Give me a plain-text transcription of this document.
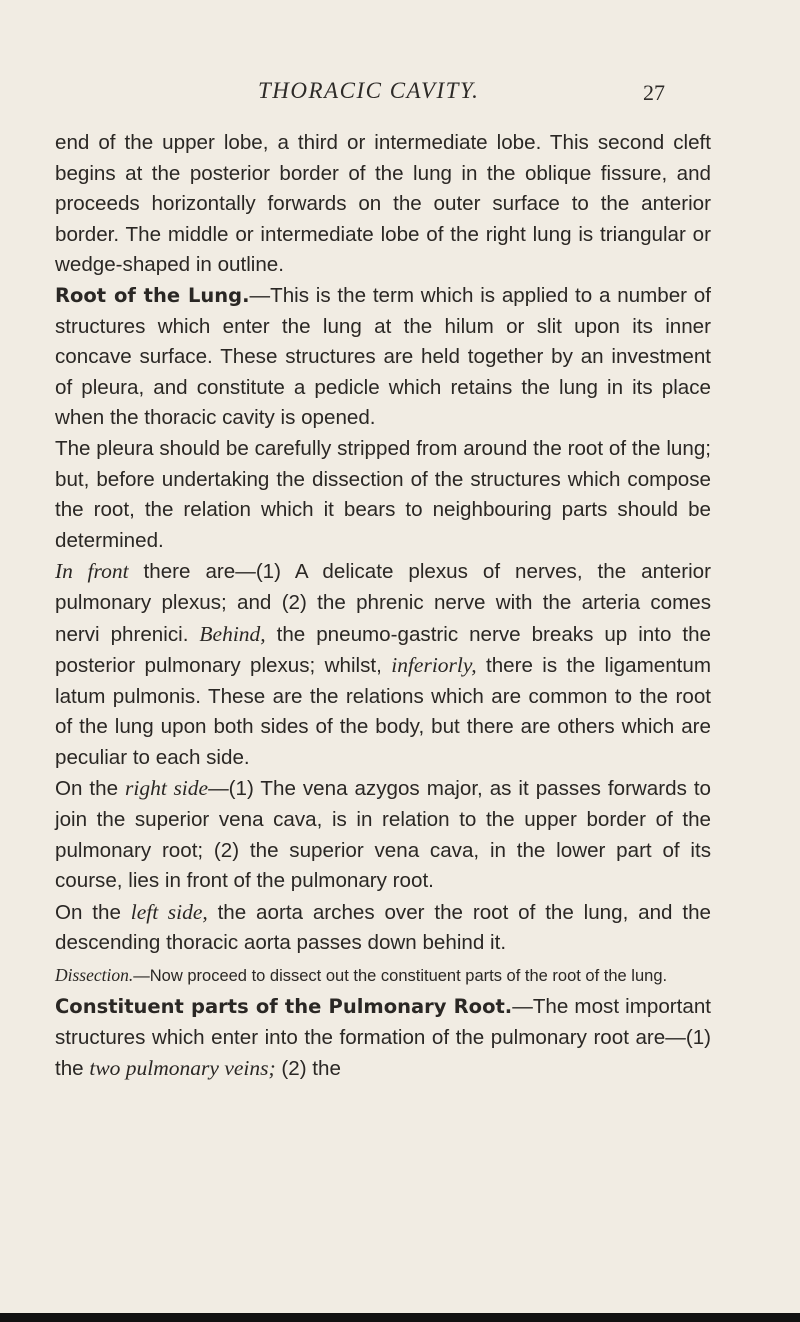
THORACIC CAVITY.	27

end of the upper lobe, a third or intermediate lobe. This second cleft begins at the posterior border of the lung in the oblique fissure, and proceeds horizontally forwards on the outer surface to the anterior border. The middle or intermediate lobe of the right lung is triangular or wedge-shaped in outline.

Root of the Lung.—This is the term which is applied to a number of structures which enter the lung at the hilum or slit upon its inner concave surface. These structures are held together by an investment of pleura, and constitute a pedicle which retains the lung in its place when the thoracic cavity is opened.

The pleura should be carefully stripped from around the root of the lung; but, before undertaking the dissection of the structures which compose the root, the relation which it bears to neighbouring parts should be determined.

In front there are—(1) A delicate plexus of nerves, the anterior pulmonary plexus; and (2) the phrenic nerve with the arteria comes nervi phrenici. Behind, the pneumo-gastric nerve breaks up into the posterior pulmonary plexus; whilst, inferiorly, there is the ligamentum latum pulmonis. These are the relations which are common to the root of the lung upon both sides of the body, but there are others which are peculiar to each side.

On the right side—(1) The vena azygos major, as it passes forwards to join the superior vena cava, is in relation to the upper border of the pulmonary root; (2) the superior vena cava, in the lower part of its course, lies in front of the pulmonary root.

On the left side, the aorta arches over the root of the lung, and the descending thoracic aorta passes down behind it.

Dissection.—Now proceed to dissect out the constituent parts of the root of the lung.

Constituent parts of the Pulmonary Root.—The most important structures which enter into the formation of the pulmonary root are—(1) the two pulmonary veins; (2) the
